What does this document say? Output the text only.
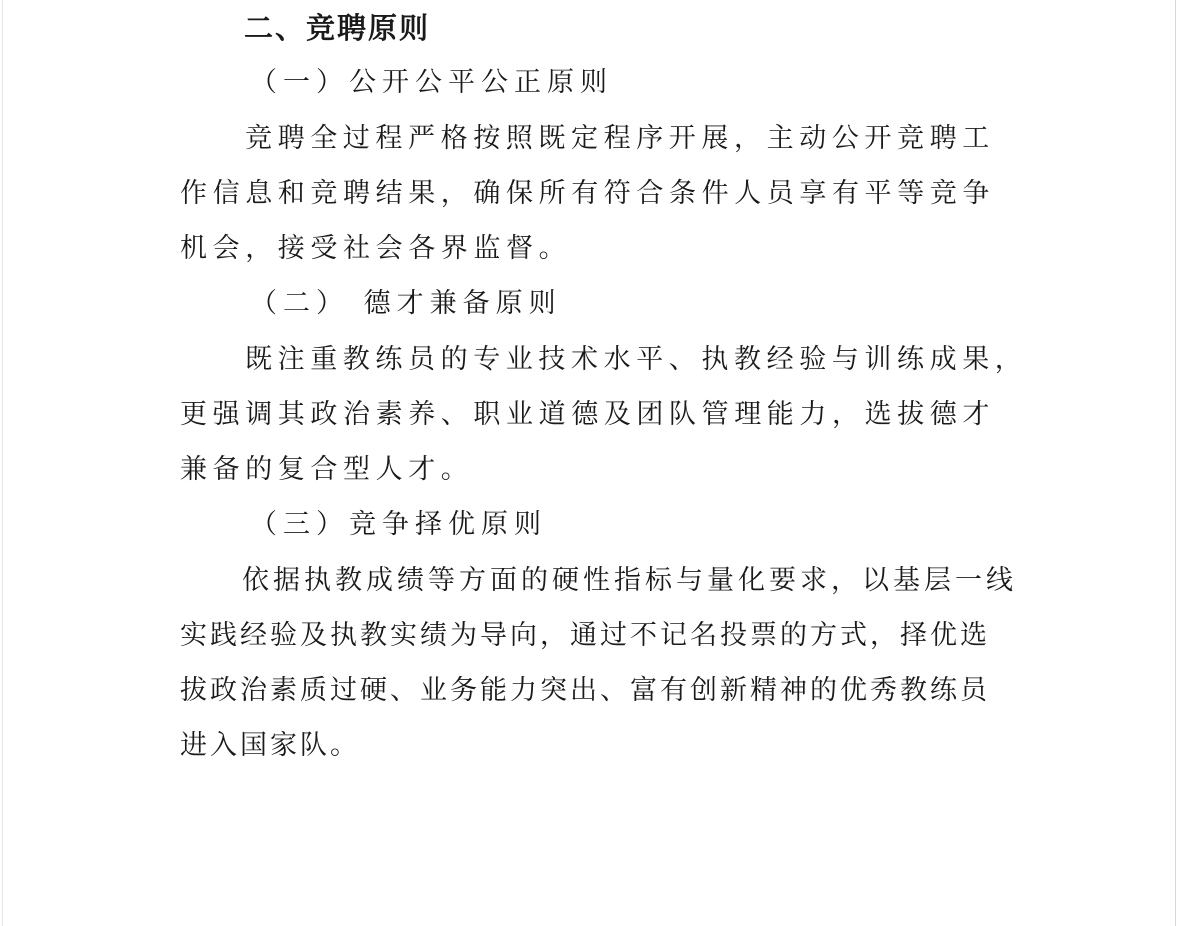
二、竞聘原则
（一）公开公平公正原则
竞聘全过程严格按照既定程序开展，主动公开竞聘工
作信息和竞聘结果，确保所有符合条件人员享有平等竞争
机会，接受社会各界监督。
（二） 德才兼备原则
既注重教练员的专业技术水平、执教经验与训练成果，
更强调其政治素养、职业道德及团队管理能力，选拔德才
兼备的复合型人才。
（三）竞争择优原则
依据执教成绩等方面的硬性指标与量化要求，以基层一线
实践经验及执教实绩为导向，通过不记名投票的方式，择优选
拔政治素质过硬、业务能力突出、富有创新精神的优秀教练员
进入国家队。
